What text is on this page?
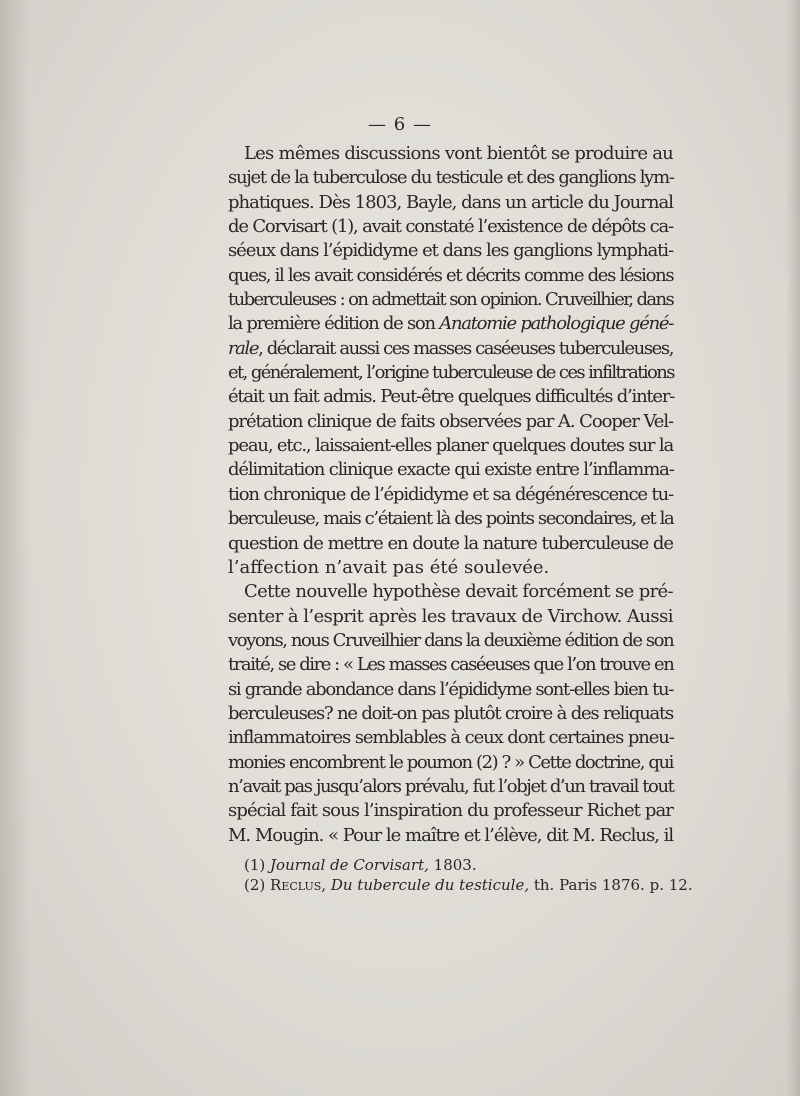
— 6 —
Les mêmes discussions vont bientôt se produire au
sujet de la tuberculose du testicule et des ganglions lym-
phatiques. Dès 1803, Bayle, dans un article du Journal
de Corvisart (1), avait constaté l’existence de dépôts ca-
séeux dans l’épididyme et dans les ganglions lymphati-
ques, il les avait considérés et décrits comme des lésions
tuberculeuses : on admettait son opinion. Cruveilhier, dans
la première édition de son Anatomie pathologique géné-
rale, déclarait aussi ces masses caséeuses tuberculeuses,
et, généralement, l’origine tuberculeuse de ces infiltrations
était un fait admis. Peut-être quelques difficultés d’inter-
prétation clinique de faits observées par A. Cooper Vel-
peau, etc., laissaient-elles planer quelques doutes sur la
délimitation clinique exacte qui existe entre l’inflamma-
tion chronique de l’épididyme et sa dégénérescence tu-
berculeuse, mais c’étaient là des points secondaires, et la
question de mettre en doute la nature tuberculeuse de
l’affection n’avait pas été soulevée.
Cette nouvelle hypothèse devait forcément se pré-
senter à l’esprit après les travaux de Virchow. Aussi
voyons, nous Cruveilhier dans la deuxième édition de son
traité, se dire : « Les masses caséeuses que l’on trouve en
si grande abondance dans l’épididyme sont-elles bien tu-
berculeuses? ne doit-on pas plutôt croire à des reliquats
inflammatoires semblables à ceux dont certaines pneu-
monies encombrent le poumon (2) ? » Cette doctrine, qui
n’avait pas jusqu’alors prévalu, fut l’objet d’un travail tout
spécial fait sous l’inspiration du professeur Richet par
M. Mougin. « Pour le maître et l’élève, dit M. Reclus, il
(1) Journal de Corvisart, 1803.
(2) Reclus, Du tubercule du testicule, th. Paris 1876. p. 12.
